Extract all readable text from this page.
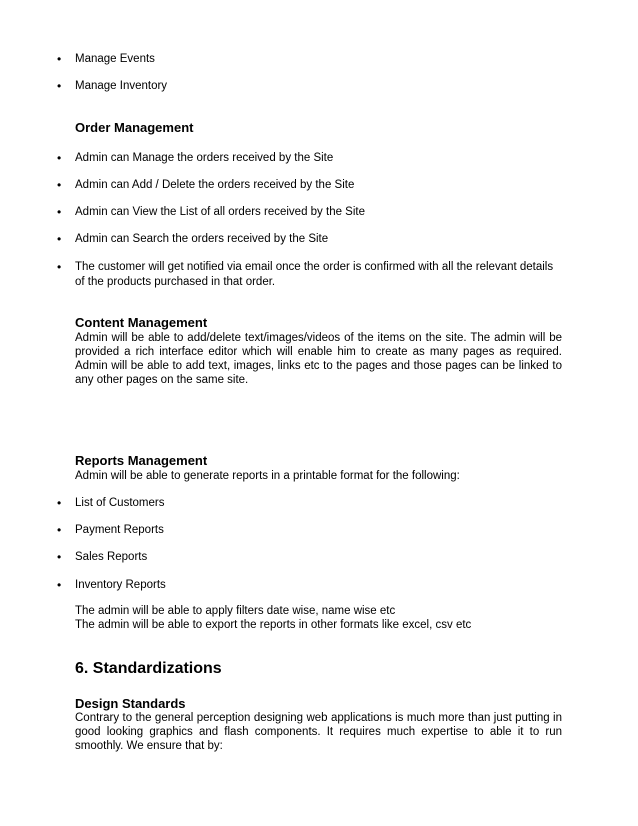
• Manage Events
• Manage Inventory
Order Management
• Admin can Manage the orders received by the Site
• Admin can Add / Delete the orders received by the Site
• Admin can View the List of all orders received by the Site
• Admin can Search the orders received by the Site
• The customer will get notified via email once the order is confirmed with all the relevant details
of the products purchased in that order.
Content Management
Admin will be able to add/delete text/images/videos of the items on the site. The admin will be provided a rich interface editor which will enable him to create as many pages as required. Admin will be able to add text, images, links etc to the pages and those pages can be linked to any other pages on the same site.
Reports Management
Admin will be able to generate reports in a printable format for the following:
• List of Customers
• Payment Reports
• Sales Reports
• Inventory Reports
The admin will be able to apply filters date wise, name wise etc
The admin will be able to export the reports in other formats like excel, csv etc
6. Standardizations
Design Standards
Contrary to the general perception designing web applications is much more than just putting in good looking graphics and flash components. It requires much expertise to able it to run smoothly. We ensure that by:
